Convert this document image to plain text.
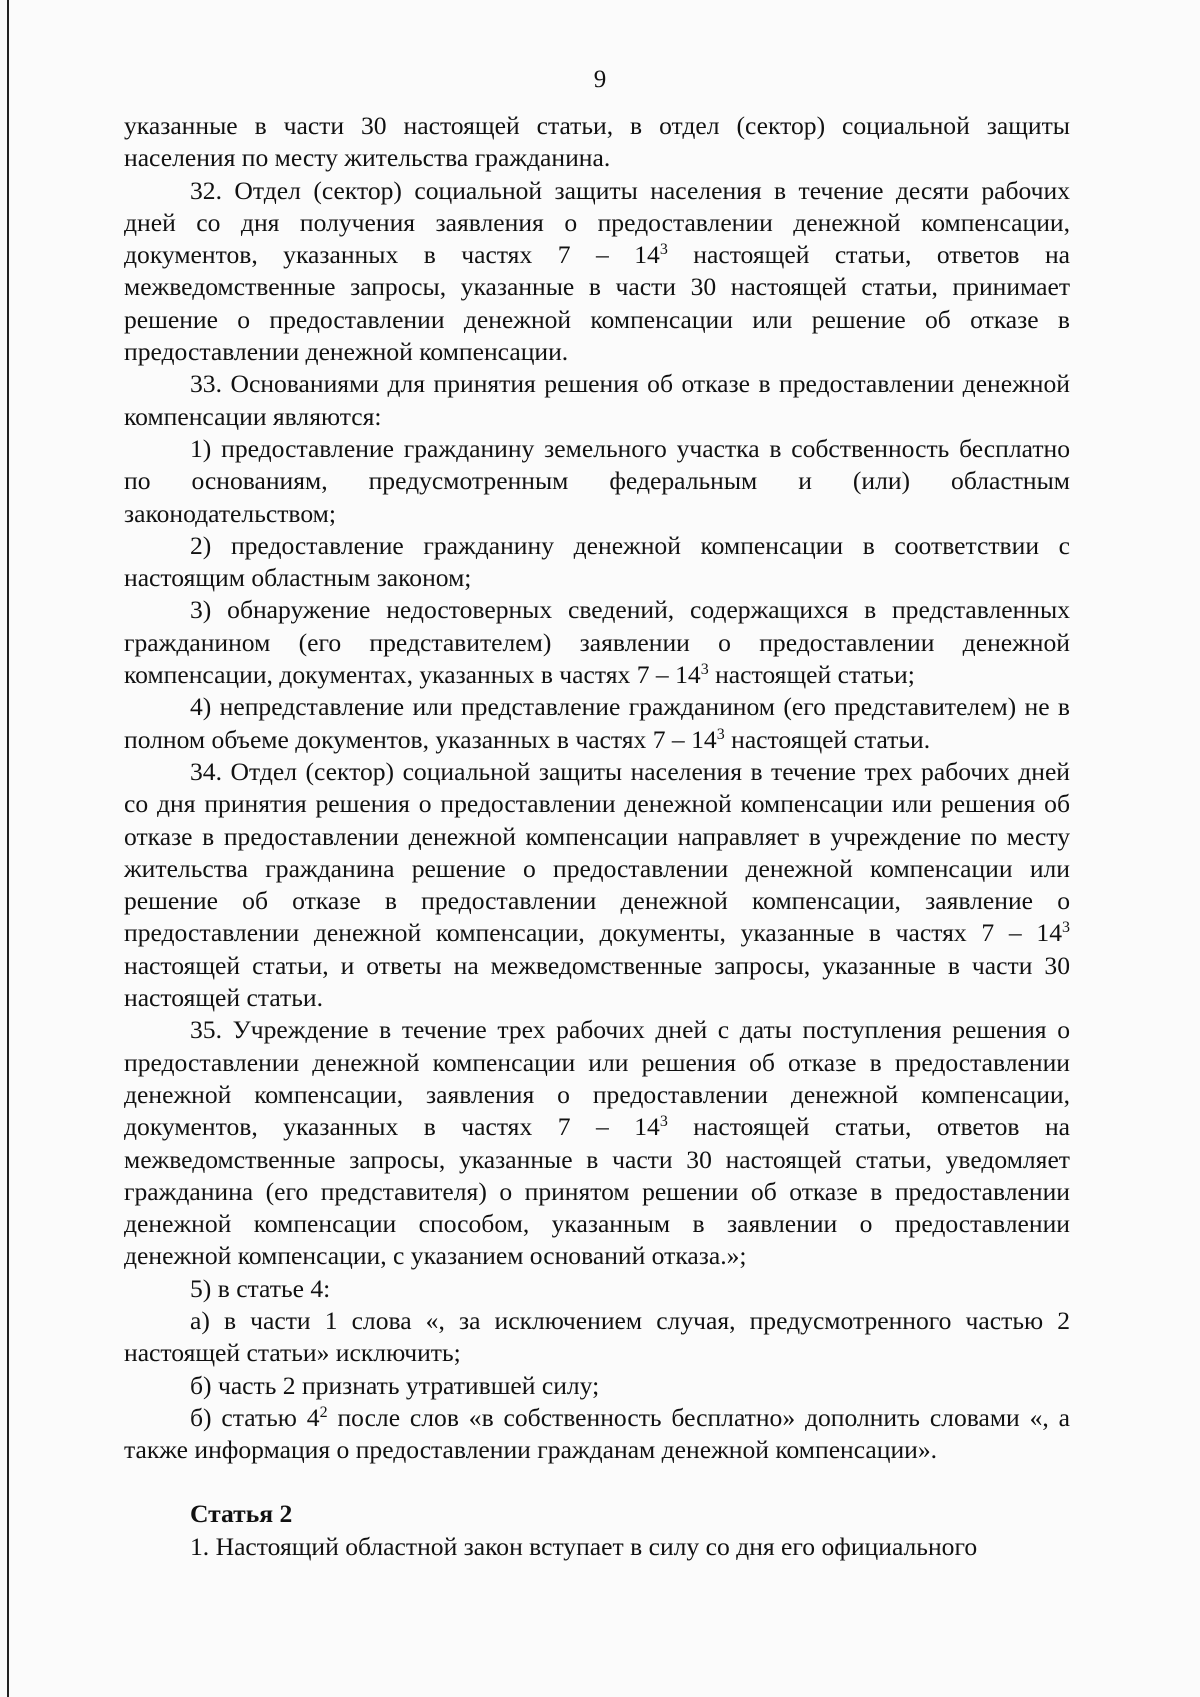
9

указанные в части 30 настоящей статьи, в отдел (сектор) социальной защиты населения по месту жительства гражданина.

32. Отдел (сектор) социальной защиты населения в течение десяти рабочих дней со дня получения заявления о предоставлении денежной компенсации, документов, указанных в частях $7 - 14^3$ настоящей статьи, ответов на межведомственные запросы, указанные в части 30 настоящей статьи, принимает решение о предоставлении денежной компенсации или решение об отказе в предоставлении денежной компенсации.

33. Основаниями для принятия решения об отказе в предоставлении денежной компенсации являются:

1) предоставление гражданину земельного участка в собственность бесплатно по основаниям, предусмотренным федеральным и (или) областным законодательством;

2) предоставление гражданину денежной компенсации в соответствии с настоящим областным законом;

3) обнаружение недостоверных сведений, содержащихся в представленных гражданином (его представителем) заявлении о предоставлении денежной компенсации, документах, указанных в частях $7 - 14^3$ настоящей статьи;

4) непредставление или представление гражданином (его представителем) не в полном объеме документов, указанных в частях $7 - 14^3$ настоящей статьи.

34. Отдел (сектор) социальной защиты населения в течение трех рабочих дней со дня принятия решения о предоставлении денежной компенсации или решения об отказе в предоставлении денежной компенсации направляет в учреждение по месту жительства гражданина решение о предоставлении денежной компенсации или решение об отказе в предоставлении денежной компенсации, заявление о предоставлении денежной компенсации, документы, указанные в частях $7 - 14^3$ настоящей статьи, и ответы на межведомственные запросы, указанные в части 30 настоящей статьи.

35. Учреждение в течение трех рабочих дней с даты поступления решения о предоставлении денежной компенсации или решения об отказе в предоставлении денежной компенсации, заявления о предоставлении денежной компенсации, документов, указанных в частях $7 - 14^3$ настоящей статьи, ответов на межведомственные запросы, указанные в части 30 настоящей статьи, уведомляет гражданина (его представителя) о принятом решении об отказе в предоставлении денежной компенсации способом, указанным в заявлении о предоставлении денежной компенсации, с указанием оснований отказа.»;

5) в статье 4:

а) в части 1 слова «, за исключением случая, предусмотренного частью 2 настоящей статьи» исключить;

б) часть 2 признать утратившей силу;

б) статью $4^2$ после слов «в собственность бесплатно» дополнить словами «, а также информация о предоставлении гражданам денежной компенсации».

Статья 2

1. Настоящий областной закон вступает в силу со дня его официального
